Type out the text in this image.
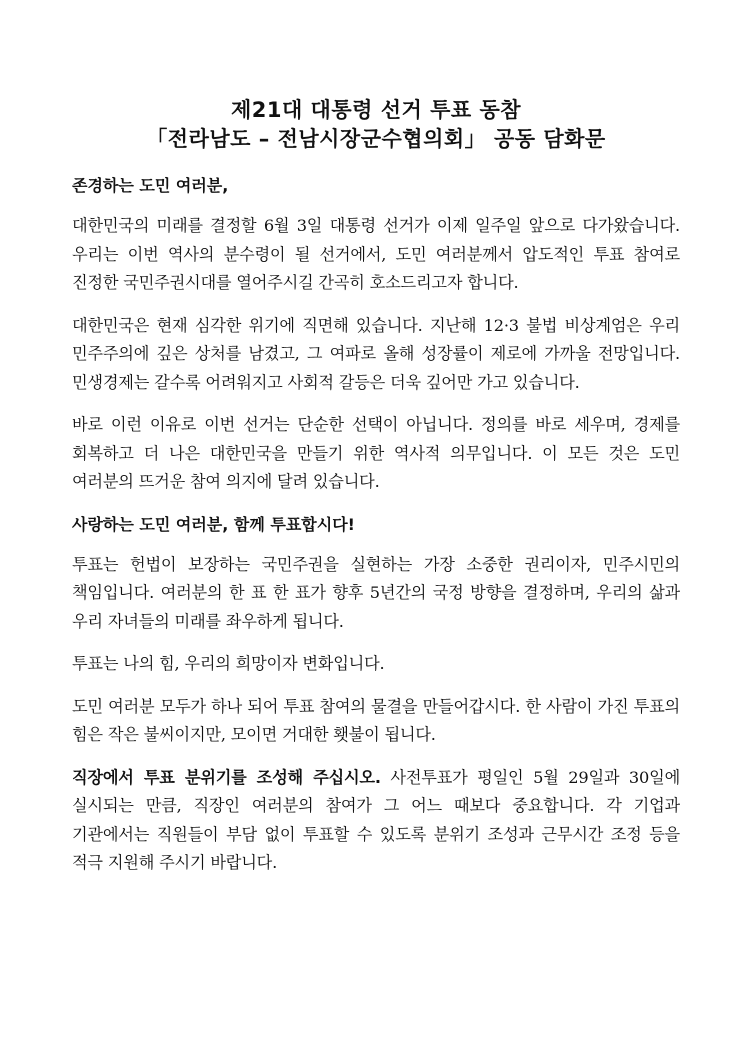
제21대 대통령 선거 투표 동참
「전라남도 – 전남시장군수협의회」 공동 담화문

존경하는 도민 여러분,

대한민국의 미래를 결정할 6월 3일 대통령 선거가 이제 일주일 앞으로 다가왔습니다. 우리는 이번 역사의 분수령이 될 선거에서, 도민 여러분께서 압도적인 투표 참여로 진정한 국민주권시대를 열어주시길 간곡히 호소드리고자 합니다.

대한민국은 현재 심각한 위기에 직면해 있습니다. 지난해 12·3 불법 비상계엄은 우리 민주주의에 깊은 상처를 남겼고, 그 여파로 올해 성장률이 제로에 가까울 전망입니다. 민생경제는 갈수록 어려워지고 사회적 갈등은 더욱 깊어만 가고 있습니다.

바로 이런 이유로 이번 선거는 단순한 선택이 아닙니다. 정의를 바로 세우며, 경제를 회복하고 더 나은 대한민국을 만들기 위한 역사적 의무입니다. 이 모든 것은 도민 여러분의 뜨거운 참여 의지에 달려 있습니다.

사랑하는 도민 여러분, 함께 투표합시다!

투표는 헌법이 보장하는 국민주권을 실현하는 가장 소중한 권리이자, 민주시민의 책임입니다. 여러분의 한 표 한 표가 향후 5년간의 국정 방향을 결정하며, 우리의 삶과 우리 자녀들의 미래를 좌우하게 됩니다.

투표는 나의 힘, 우리의 희망이자 변화입니다.

도민 여러분 모두가 하나 되어 투표 참여의 물결을 만들어갑시다. 한 사람이 가진 투표의 힘은 작은 불씨이지만, 모이면 거대한 횃불이 됩니다.

직장에서 투표 분위기를 조성해 주십시오. 사전투표가 평일인 5월 29일과 30일에 실시되는 만큼, 직장인 여러분의 참여가 그 어느 때보다 중요합니다. 각 기업과 기관에서는 직원들이 부담 없이 투표할 수 있도록 분위기 조성과 근무시간 조정 등을 적극 지원해 주시기 바랍니다.
